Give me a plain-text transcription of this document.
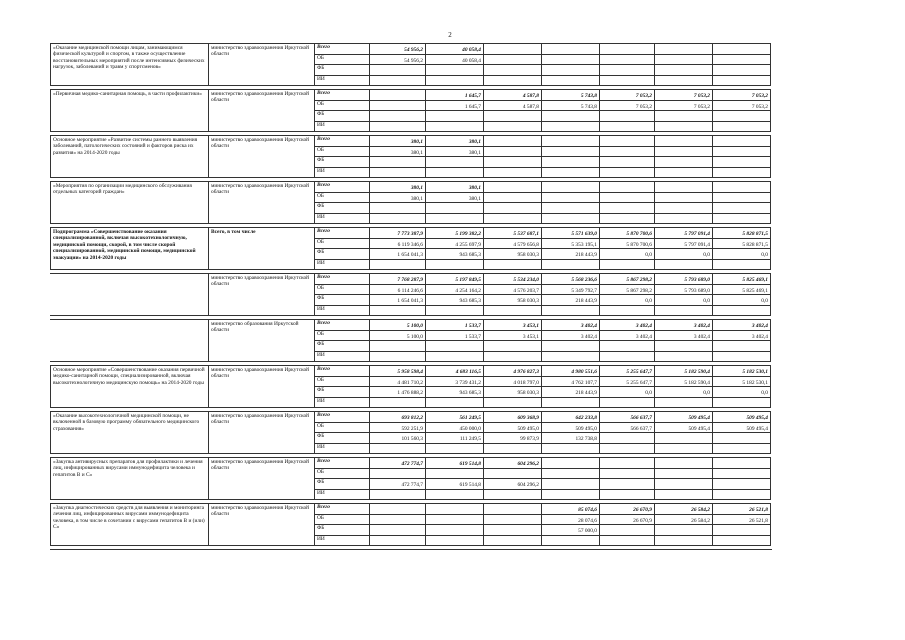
2
«Оказание медицинской помощи лицам, занимающимся физической культурой и спортом, в также осуществление восстановительных мероприятий после интенсивных физических нагрузок, заболеваний и травм у спортсменов»	министерство здравоохранения Иркутской области	Всего	54 956,2	40 058,4						
		ОБ	54 956,2	40 058,4						
		ФБ								
		ИИ								

«Первичная медико-санитарная помощь, в части профилактики»	министерство здравоохранения Иркутской области	Всего		1 645,7	4 587,8	5 743,8	7 053,2	7 053,2	7 053,2	
		ОБ		1 645,7	4 587,8	5 743,8	7 053,2	7 053,2	7 053,2	
		ФБ								
		ИИ								

Основное мероприятие «Развитие системы раннего выявления заболеваний, патологических состояний и факторов риска их развития» на 2014-2020 годы	министерство здравоохранения Иркутской области	Всего	380,1	380,1						
		ОБ	380,1	380,1						
		ФБ								
		ИИ								

«Мероприятия по организации медицинского обслуживания отдельных категорий граждан»	министерство здравоохранения Иркутской области	Всего	380,1	380,1						
		ОБ	380,1	380,1						
		ФБ								
		ИИ								

Подпрограмма «Совершенствование оказания специализированной, включая высокотехнологичную, медицинской помощи, скорой, в том числе скорой специализированной, медицинской помощи, медицинской эвакуации» на 2014-2020 годы	Всего, в том числе	Всего	7 773 387,9	5 199 382,2	5 537 687,1	5 571 639,0	5 870 700,6	5 797 091,4	5 828 871,5	
		ОБ	6 119 346,6	4 255 697,9	4 579 656,8	5 353 195,1	5 870 700,6	5 797 091,4	5 828 871,5	
		ФБ	1 654 041,3	943 685,3	958 030,3	218 443,9	0,0	0,0	0,0	
		ИИ								

	министерство здравоохранения Иркутской области	Всего	7 768 287,9	5 197 849,5	5 534 234,0	5 568 236,6	5 867 298,2	5 793 689,0	5 825 469,1	
		ОБ	6 114 246,6	4 254 164,2	4 576 203,7	5 349 792,7	5 867 298,2	5 793 689,0	5 825 469,1	
		ФБ	1 654 041,3	943 685,3	958 030,3	218 443,9	0,0	0,0	0,0	
		ИИ								

	министерство образования Иркутской области	Всего	5 100,0	1 533,7	3 453,1	3 402,4	3 402,4	3 402,4	3 402,4	
		ОБ	5 100,0	1 533,7	3 453,1	3 402,4	3 402,4	3 402,4	3 402,4	
		ФБ								
		ИИ								

Основное мероприятие «Совершенствование оказания первичной медико-санитарной помощи, специализированной, включая высокотехнологичную медицинскую помощь» на 2014-2020 годы	министерство здравоохранения Иркутской области	Всего	5 958 598,4	4 683 116,5	4 976 827,3	4 980 551,6	5 255 647,7	5 182 590,4	5 182 530,1	
		ОБ	4 481 710,2	3 739 431,2	4 018 797,0	4 762 107,7	5 255 647,7	5 182 590,4	5 182 530,1	
		ФБ	1 476 888,2	943 685,3	958 030,3	218 443,9	0,0	0,0	0,0	
		ИИ								

«Оказание высокотехнологичной медицинской помощи, не включенной в базовую программу обязательного медицинского страхования»	министерство здравоохранения Иркутской области	Всего	693 812,2	561 249,5	609 368,9	642 233,8	566 637,7	509 495,4	509 495,4	
		ОБ	592 251,9	450 000,0	509 495,0	509 495,0	566 637,7	509 495,4	509 495,4	
		ФБ	101 560,3	111 249,5	99 873,9	132 738,8				
		ИИ								

«Закупка антивирусных препаратов для профилактики и лечения лиц, инфицированных вирусами иммунодефицита человека и гепатитов B и C»	министерство здравоохранения Иркутской области	Всего	472 774,7	619 514,8	604 296,2					
		ОБ								
		ФБ	472 774,7	619 514,8	604 296,2					
		ИИ								

«Закупка диагностических средств для выявления и мониторинга лечения лиц, инфицированных вирусами иммунодефицита человека, в том числе в сочетании с вирусами гепатитов B и (или) C»	министерство здравоохранения Иркутской области	Всего				85 074,6	26 670,9	26 584,2	26 521,8	
		ОБ				28 074,6	26 670,9	26 584,2	26 521,8	
		ФБ				57 000,0				
		ИИ								
